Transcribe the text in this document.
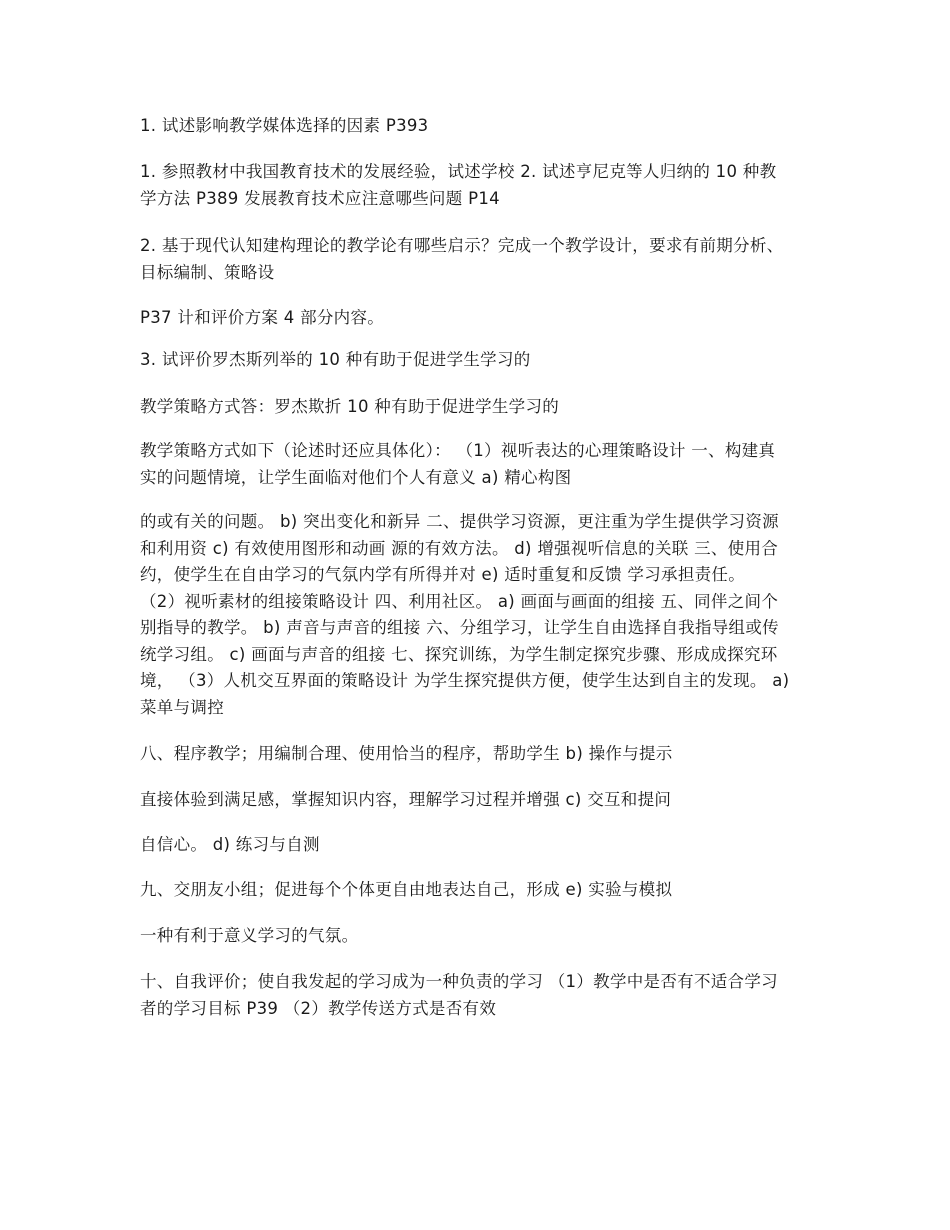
1. 试述影响教学媒体选择的因素 P393
1. 参照教材中我国教育技术的发展经验，试述学校 2. 试述亨尼克等人归纳的 10 种教
学方法 P389 发展教育技术应注意哪些问题 P14
2. 基于现代认知建构理论的教学论有哪些启示？完成一个教学设计，要求有前期分析、
目标编制、策略设
P37 计和评价方案 4 部分内容。
3. 试评价罗杰斯列举的 10 种有助于促进学生学习的
教学策略方式答：罗杰欺折 10 种有助于促进学生学习的
教学策略方式如下（论述时还应具体化）： （1）视听表达的心理策略设计 一、构建真
实的问题情境，让学生面临对他们个人有意义 a) 精心构图
的或有关的问题。 b) 突出变化和新异 二、提供学习资源，更注重为学生提供学习资源
和利用资 c) 有效使用图形和动画 源的有效方法。 d) 增强视听信息的关联 三、使用合
约，使学生在自由学习的气氛内学有所得并对 e) 适时重复和反馈 学习承担责任。
（2）视听素材的组接策略设计 四、利用社区。 a) 画面与画面的组接 五、同伴之间个
别指导的教学。 b) 声音与声音的组接 六、分组学习，让学生自由选择自我指导组或传
统学习组。 c) 画面与声音的组接 七、探究训练，为学生制定探究步骤、形成成探究环
境， （3）人机交互界面的策略设计 为学生探究提供方便，使学生达到自主的发现。 a)
菜单与调控
八、程序教学；用编制合理、使用恰当的程序，帮助学生 b) 操作与提示
直接体验到满足感，掌握知识内容，理解学习过程并增强 c) 交互和提问
自信心。 d) 练习与自测
九、交朋友小组；促进每个个体更自由地表达自己，形成 e) 实验与模拟
一种有利于意义学习的气氛。
十、自我评价；使自我发起的学习成为一种负责的学习 （1）教学中是否有不适合学习
者的学习目标 P39 （2）教学传送方式是否有效
